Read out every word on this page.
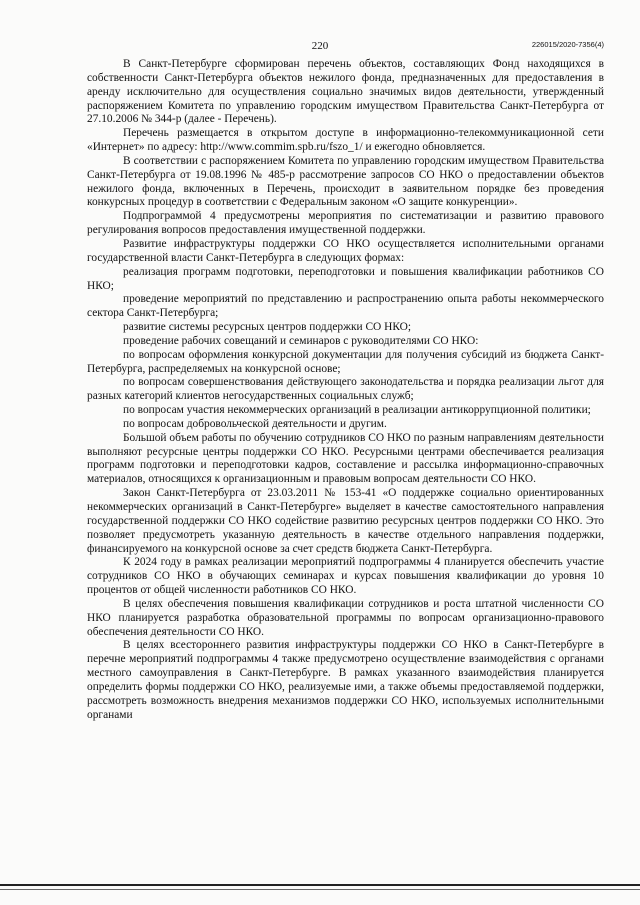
220	226015/2020-7356(4)

В Санкт-Петербурге сформирован перечень объектов, составляющих Фонд находящихся в собственности Санкт-Петербурга объектов нежилого фонда, предназначенных для предоставления в аренду исключительно для осуществления социально значимых видов деятельности, утвержденный распоряжением Комитета по управлению городским имуществом Правительства Санкт-Петербурга от 27.10.2006 № 344-р (далее - Перечень).

Перечень размещается в открытом доступе в информационно-телекоммуникационной сети «Интернет» по адресу: http://www.commim.spb.ru/fszo_1/ и ежегодно обновляется.

В соответствии с распоряжением Комитета по управлению городским имуществом Правительства Санкт-Петербурга от 19.08.1996 № 485-р рассмотрение запросов СО НКО о предоставлении объектов нежилого фонда, включенных в Перечень, происходит в заявительном порядке без проведения конкурсных процедур в соответствии с Федеральным законом «О защите конкуренции».

Подпрограммой 4 предусмотрены мероприятия по систематизации и развитию правового регулирования вопросов предоставления имущественной поддержки.

Развитие инфраструктуры поддержки СО НКО осуществляется исполнительными органами государственной власти Санкт-Петербурга в следующих формах:

реализация программ подготовки, переподготовки и повышения квалификации работников СО НКО;

проведение мероприятий по представлению и распространению опыта работы некоммерческого сектора Санкт-Петербурга;

развитие системы ресурсных центров поддержки СО НКО;

проведение рабочих совещаний и семинаров с руководителями СО НКО:

по вопросам оформления конкурсной документации для получения субсидий из бюджета Санкт-Петербурга, распределяемых на конкурсной основе;

по вопросам совершенствования действующего законодательства и порядка реализации льгот для разных категорий клиентов негосударственных социальных служб;

по вопросам участия некоммерческих организаций в реализации антикоррупционной политики;

по вопросам добровольческой деятельности и другим.

Большой объем работы по обучению сотрудников СО НКО по разным направлениям деятельности выполняют ресурсные центры поддержки СО НКО. Ресурсными центрами обеспечивается реализация программ подготовки и переподготовки кадров, составление и рассылка информационно-справочных материалов, относящихся к организационным и правовым вопросам деятельности СО НКО.

Закон Санкт-Петербурга от 23.03.2011 № 153-41 «О поддержке социально ориентированных некоммерческих организаций в Санкт-Петербурге» выделяет в качестве самостоятельного направления государственной поддержки СО НКО содействие развитию ресурсных центров поддержки СО НКО. Это позволяет предусмотреть указанную деятельность в качестве отдельного направления поддержки, финансируемого на конкурсной основе за счет средств бюджета Санкт-Петербурга.

К 2024 году в рамках реализации мероприятий подпрограммы 4 планируется обеспечить участие сотрудников СО НКО в обучающих семинарах и курсах повышения квалификации до уровня 10 процентов от общей численности работников СО НКО.

В целях обеспечения повышения квалификации сотрудников и роста штатной численности СО НКО планируется разработка образовательной программы по вопросам организационно-правового обеспечения деятельности СО НКО.

В целях всестороннего развития инфраструктуры поддержки СО НКО в Санкт-Петербурге в перечне мероприятий подпрограммы 4 также предусмотрено осуществление взаимодействия с органами местного самоуправления в Санкт-Петербурге. В рамках указанного взаимодействия планируется определить формы поддержки СО НКО, реализуемые ими, а также объемы предоставляемой поддержки, рассмотреть возможность внедрения механизмов поддержки СО НКО, используемых исполнительными органами
